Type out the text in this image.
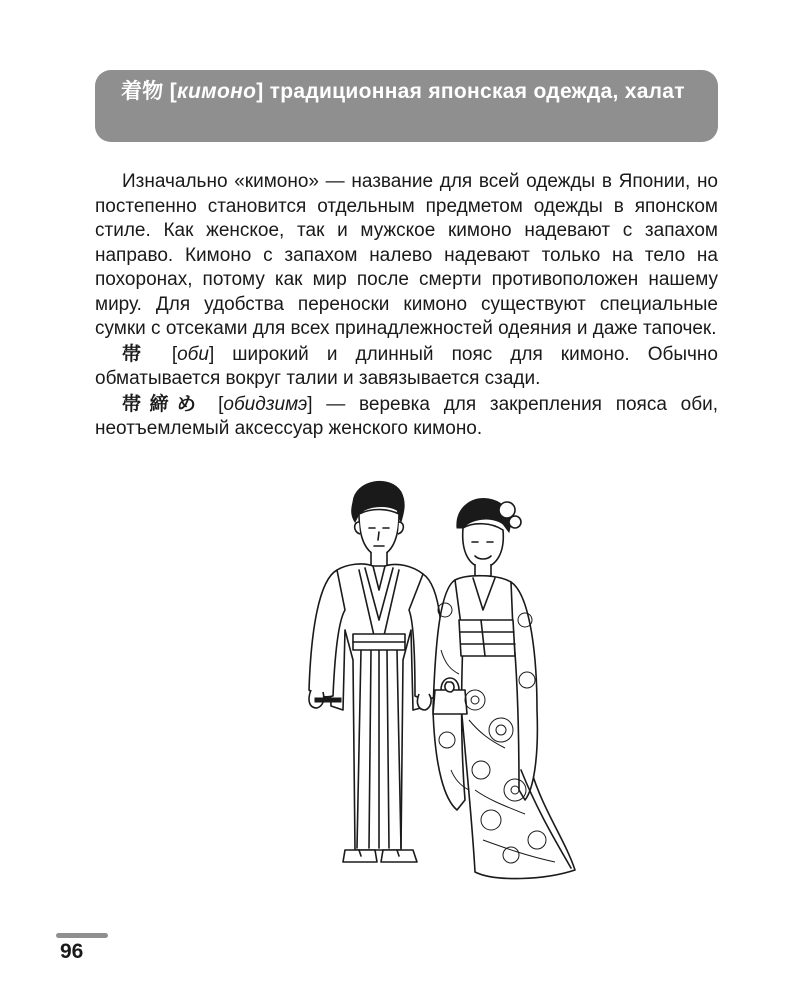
着物 [кимоно] традиционная японская одежда, халат

Изначально «кимоно» — название для всей одежды в Японии, но постепенно становится отдельным предметом одежды в японском стиле. Как женское, так и мужское кимоно надевают с запахом направо. Кимоно с запахом налево надевают только на тело на похоронах, потому как мир после смерти противоположен нашему миру. Для удобства переноски кимоно существуют специальные сумки с отсеками для всех принадлежностей одеяния и даже тапочек.

帯 [оби] широкий и длинный пояс для кимоно. Обычно обматывается вокруг талии и завязывается сзади.

帯締め [обидзимэ] — веревка для закрепления пояса оби, неотъемлемый аксессуар женского кимоно.

96
